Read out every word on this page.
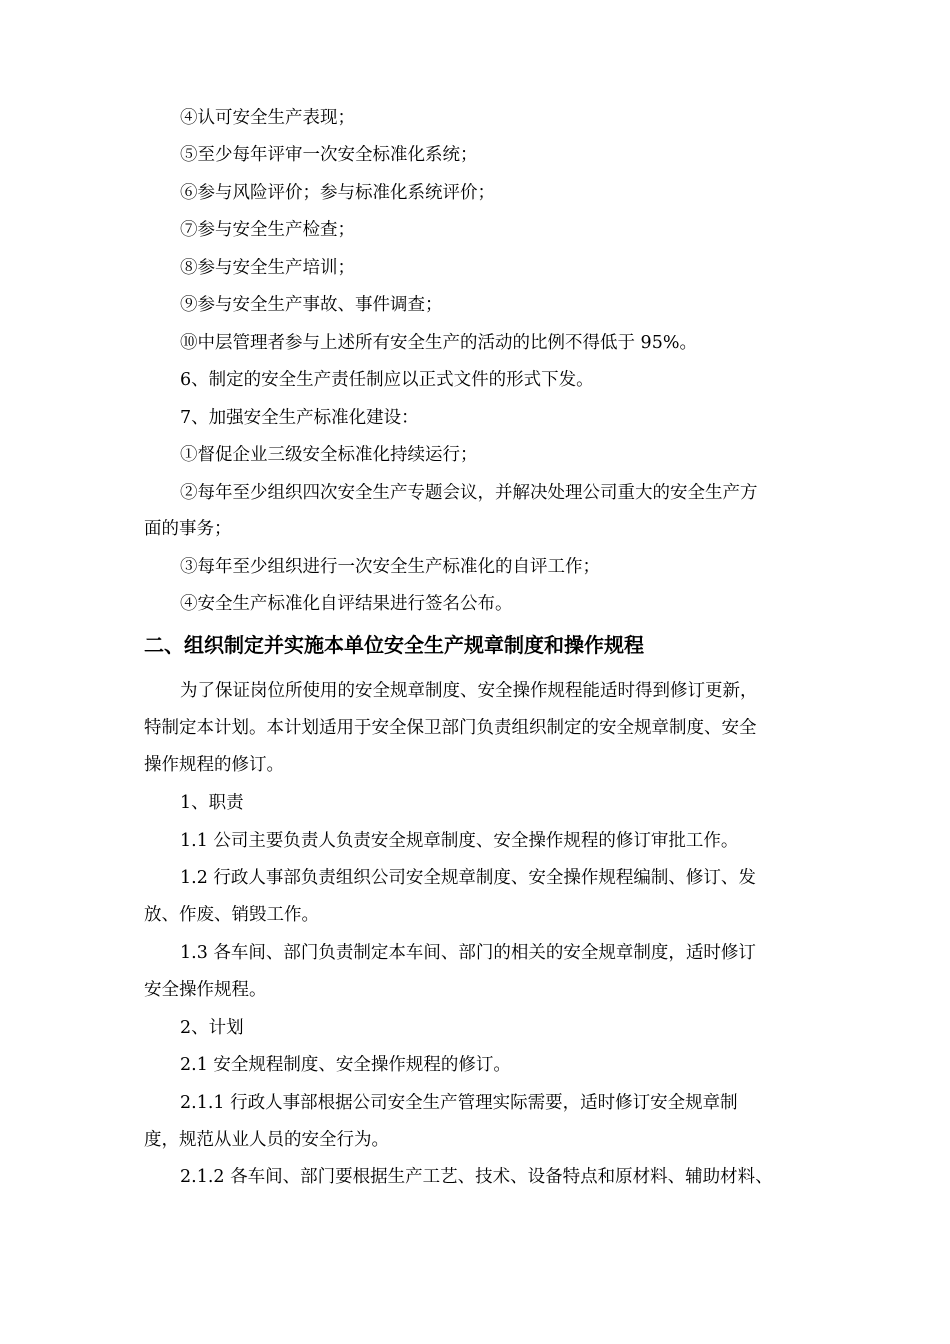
④认可安全生产表现；
⑤至少每年评审一次安全标准化系统；
⑥参与风险评价；参与标准化系统评价；
⑦参与安全生产检查；
⑧参与安全生产培训；
⑨参与安全生产事故、事件调查；
⑩中层管理者参与上述所有安全生产的活动的比例不得低于 95%。
6、制定的安全生产责任制应以正式文件的形式下发。
7、加强安全生产标准化建设：
①督促企业三级安全标准化持续运行；
②每年至少组织四次安全生产专题会议，并解决处理公司重大的安全生产方
面的事务；
③每年至少组织进行一次安全生产标准化的自评工作；
④安全生产标准化自评结果进行签名公布。
二、组织制定并实施本单位安全生产规章制度和操作规程
为了保证岗位所使用的安全规章制度、安全操作规程能适时得到修订更新，
特制定本计划。本计划适用于安全保卫部门负责组织制定的安全规章制度、安全
操作规程的修订。
1、职责
1.1 公司主要负责人负责安全规章制度、安全操作规程的修订审批工作。
1.2 行政人事部负责组织公司安全规章制度、安全操作规程编制、修订、发
放、作废、销毁工作。
1.3 各车间、部门负责制定本车间、部门的相关的安全规章制度，适时修订
安全操作规程。
2、计划
2.1 安全规程制度、安全操作规程的修订。
2.1.1 行政人事部根据公司安全生产管理实际需要，适时修订安全规章制
度，规范从业人员的安全行为。
2.1.2 各车间、部门要根据生产工艺、技术、设备特点和原材料、辅助材料、
